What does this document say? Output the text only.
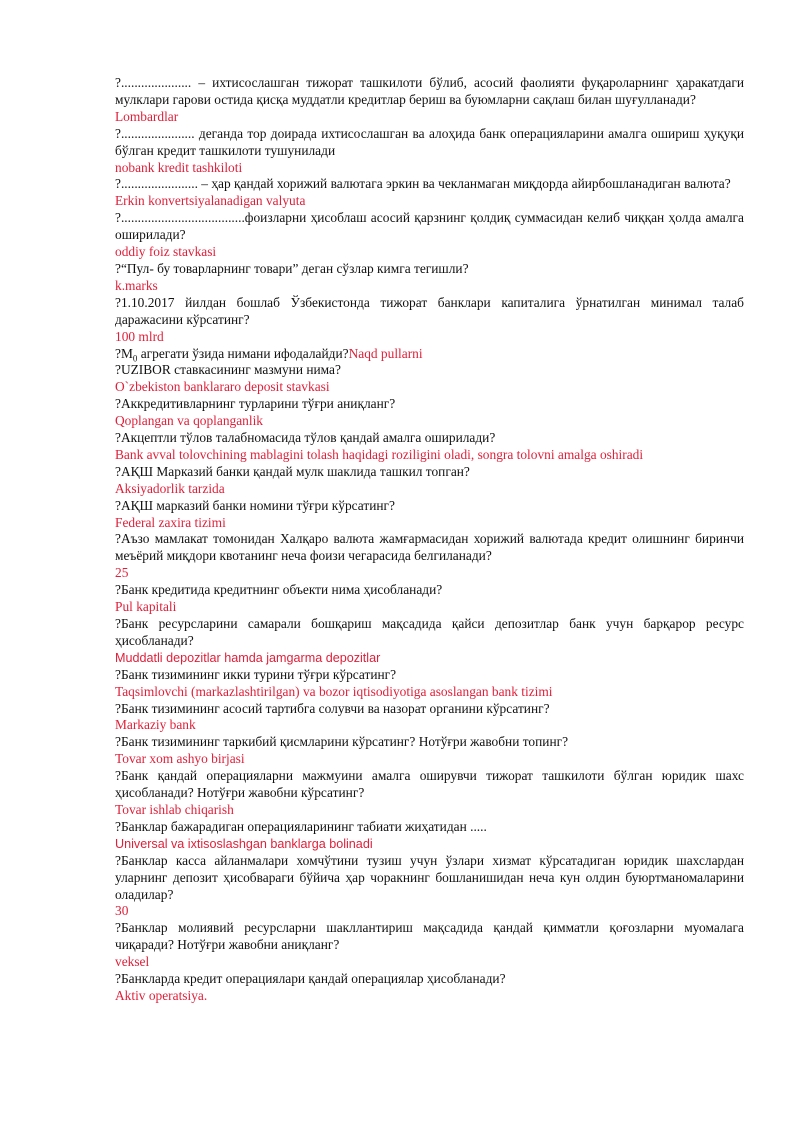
?..................... – ихтисослашган тижорат ташкилоти бўлиб, асосий фаолияти фуқароларнинг ҳаракатдаги мулклари гарови остида қисқа муддатли кредитлар бериш ва буюмларни сақлаш билан шуғулланади?

Lombardlar

?...................... деганда тор доирада ихтисослашган ва алоҳида банк операцияларини амалга ошириш ҳуқуқи бўлган кредит ташкилоти тушунилади

nobank kredit tashkiloti

?....................... – ҳар қандай хорижий валютага эркин ва чекланмаган миқдорда айирбошланадиган валюта?

Erkin konvertsiyalanadigan valyuta

?.....................................фоизларни ҳисоблаш асосий қарзнинг қолдиқ суммасидан келиб чиққан ҳолда амалга оширилади?

oddiy foiz stavkasi

?“Пул- бу товарларнинг товари” деган сўзлар кимга тегишли?

k.marks

?1.10.2017 йилдан бошлаб Ўзбекистонда тижорат банклари капиталига ўрнатилган минимал талаб даражасини кўрсатинг?

100 mlrd

$?М_0$ агрегати ўзида нимани ифодалайди?Naqd pullarni

?UZIBOR ставкасининг мазмуни нима?

O`zbekiston banklararo deposit stavkasi

?Аккредитивларнинг турларини тўғри аниқланг?

Qoplangan va qoplanganlik

?Акцептли тўлов талабномасида тўлов қандай амалга оширилади?

Bank avval tolovchining mablagini tolash haqidagi roziligini oladi, songra tolovni amalga oshiradi

?АҚШ Марказий банки қандай мулк шаклида ташкил топган?

Aksiyadorlik tarzida

?АҚШ марказий банки номини тўғри кўрсатинг?

Federal zaxira tizimi

?Аъзо мамлакат томонидан Халқаро валюта жамғармасидан хорижий валютада кредит олишнинг биринчи меъёрий миқдори квотанинг неча фоизи чегарасида белгиланади?

25

?Банк кредитида кредитнинг объекти нима ҳисобланади?

Pul kapitali

?Банк ресурсларини самарали бошқариш мақсадида қайси депозитлар банк учун барқарор ресурс ҳисобланади?

Muddatli depozitlar hamda jamgarma depozitlar

?Банк тизимининг икки турини тўғри кўрсатинг?

Taqsimlovchi (markazlashtirilgan) va bozor iqtisodiyotiga asoslangan bank tizimi

?Банк тизимининг асосий тартибга солувчи ва назорат органини кўрсатинг?

Markaziy bank

?Банк тизимининг таркибий қисмларини кўрсатинг? Нотўғри жавобни топинг?

Tovar xom ashyo birjasi

?Банк қандай операцияларни мажмуини амалга оширувчи тижорат ташкилоти бўлган юридик шахс ҳисобланади? Нотўғри жавобни кўрсатинг?

Tovar ishlab chiqarish

?Банклар бажарадиган операцияларининг табиати жиҳатидан .....

Universal va ixtisoslashgan banklarga bolinadi

?Банклар касса айланмалари хомчўтини тузиш учун ўзлари хизмат кўрсатадиган юридик шахслардан уларнинг депозит ҳисобвараги бўйича ҳар чоракнинг бошланишидан неча кун олдин буюртманомаларини оладилар?

30

?Банклар молиявий ресурсларни шакллантириш мақсадида қандай қимматли қоғозларни муомалага чиқаради? Нотўғри жавобни аниқланг?

veksel

?Банкларда кредит операциялари қандай операциялар ҳисобланади?

Aktiv operatsiya.
